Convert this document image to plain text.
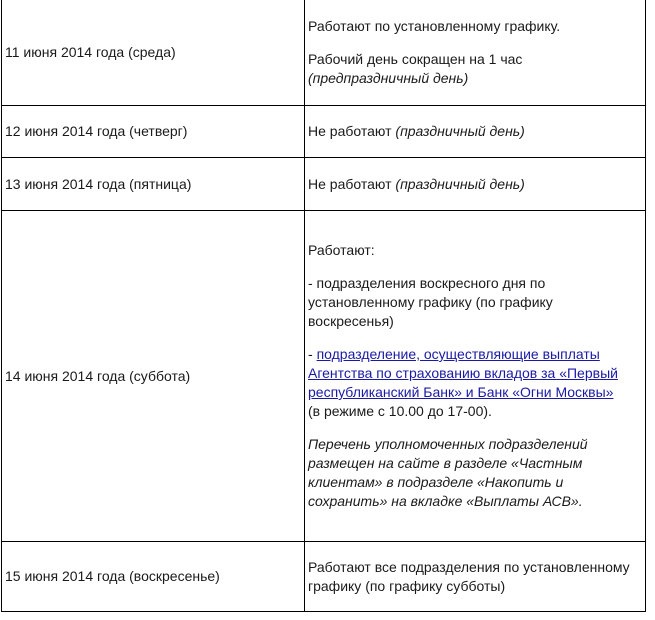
11 июня 2014 года (среда)	Работают по установленному графику.

Рабочий день сокращен на 1 час
(предпраздничный день)

12 июня 2014 года (четверг)	Не работают (праздничный день)
13 июня 2014 года (пятница)	Не работают (праздничный день)
14 июня 2014 года (суббота)	Работают:

- подразделения воскресного дня по установленному графику (по графику воскресенья)

- подразделение, осуществляющие выплаты Агентства по страхованию вкладов за «Первый республиканский Банк» и Банк «Огни Москвы»
(в режиме с 10.00 до 17-00).

Перечень уполномоченных подразделений размещен на сайте в разделе «Частным клиентам» в подразделе «Накопить и сохранить» на вкладке «Выплаты АСВ».

15 июня 2014 года (воскресенье)	Работают все подразделения по установленному графику (по графику субботы)
